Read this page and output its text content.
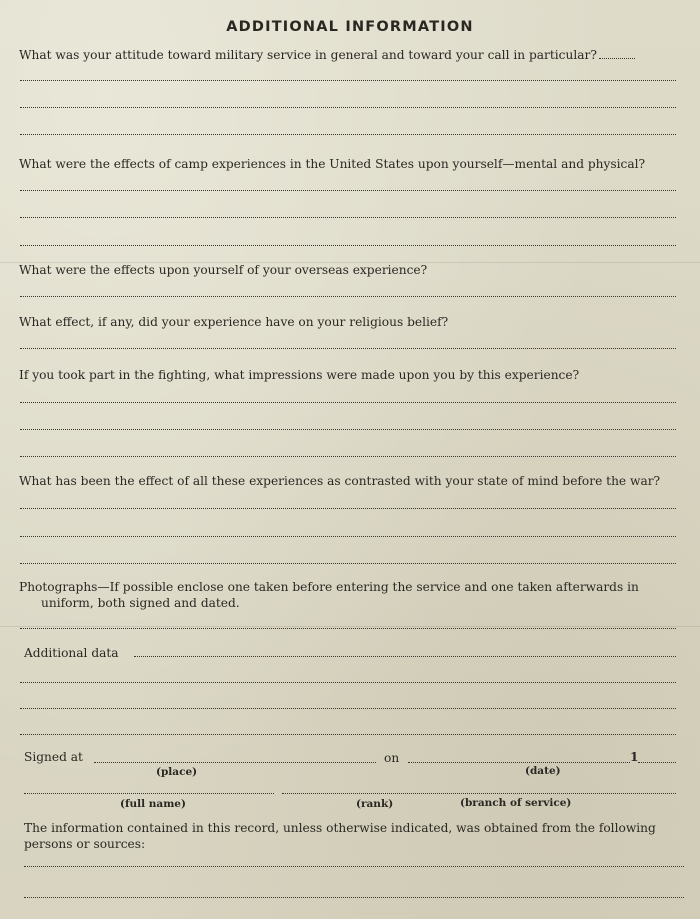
ADDITIONAL INFORMATION
What was your attitude toward military service in general and toward your call in particular?
What were the effects of camp experiences in the United States upon yourself—mental and physical?
What were the effects upon yourself of your overseas experience?
What effect, if any, did your experience have on your religious belief?
If you took part in the fighting, what impressions were made upon you by this experience?
What has been the effect of all these experiences as contrasted with your state of mind before the war?
Photographs—If possible enclose one taken before entering the service and one taken afterwards in
uniform, both signed and dated.
Additional data
Signed at	on	1
(place)	(date)
(full name)	(rank)	(branch of service)
The information contained in this record, unless otherwise indicated, was obtained from the following
persons or sources:
